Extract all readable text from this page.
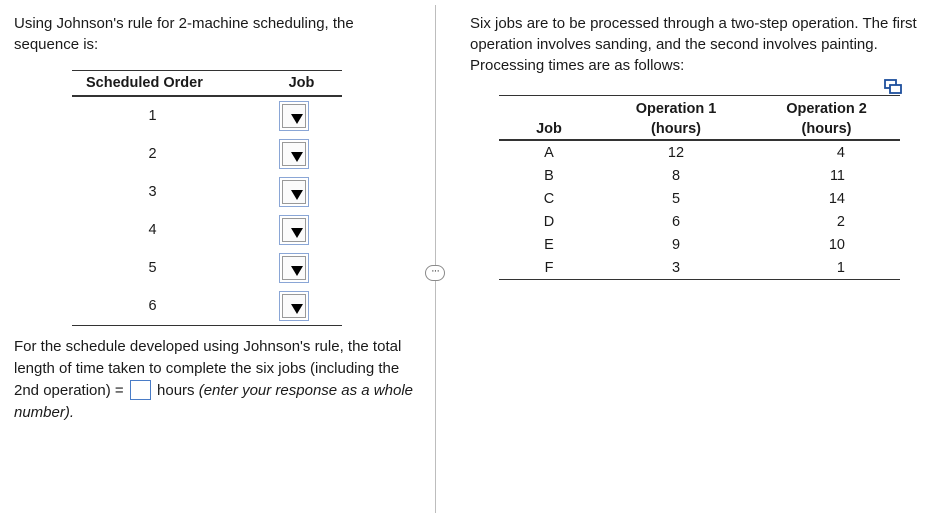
Using Johnson's rule for 2-machine scheduling, the sequence is:
Scheduled Order	Job
1	

2	

3	

4	

5	

6	
For the schedule developed using Johnson's rule, the total length of time taken to complete the six jobs (including the 2nd operation) = hours (enter your response as a whole number).
···
Six jobs are to be processed through a two-step operation. The first operation involves sanding, and the second involves painting. Processing times are as follows:
Job	Operation 1
(hours)	Operation 2
(hours)
A	12	4
B	8	11
C	5	14
D	6	2
E	9	10
F	3	1
